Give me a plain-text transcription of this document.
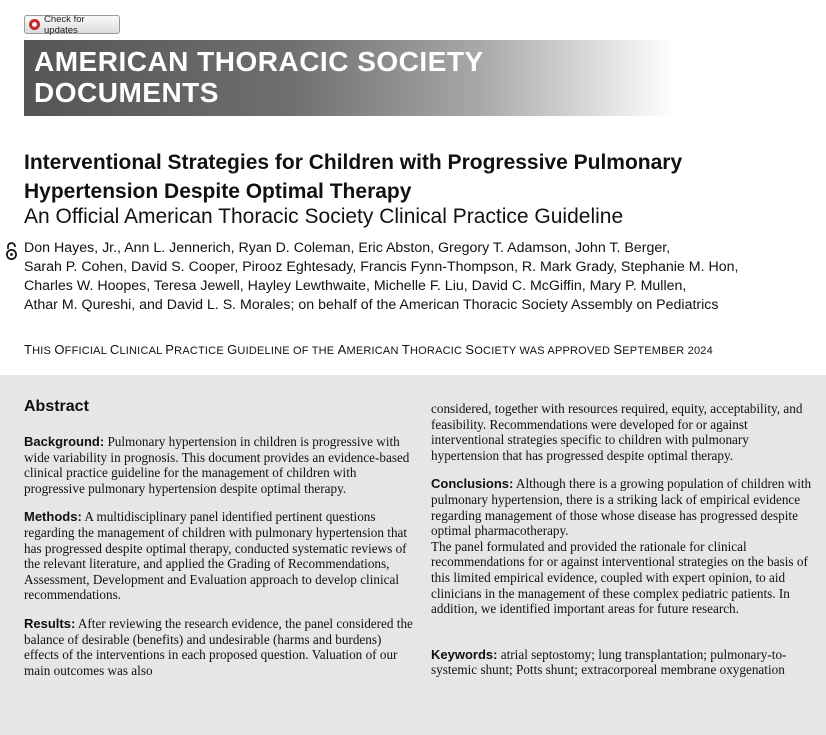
Check for updates
AMERICAN THORACIC SOCIETY
DOCUMENTS
Interventional Strategies for Children with Progressive Pulmonary
Hypertension Despite Optimal Therapy
An Official American Thoracic Society Clinical Practice Guideline
Don Hayes, Jr., Ann L. Jennerich, Ryan D. Coleman, Eric Abston, Gregory T. Adamson, John T. Berger,
Sarah P. Cohen, David S. Cooper, Pirooz Eghtesady, Francis Fynn-Thompson, R. Mark Grady, Stephanie M. Hon,
Charles W. Hoopes, Teresa Jewell, Hayley Lewthwaite, Michelle F. Liu, David C. McGiffin, Mary P. Mullen,
Athar M. Qureshi, and David L. S. Morales; on behalf of the American Thoracic Society Assembly on Pediatrics
THIS OFFICIAL CLINICAL PRACTICE GUIDELINE OF THE AMERICAN THORACIC SOCIETY WAS APPROVED SEPTEMBER 2024
Abstract

Background: Pulmonary hypertension in children is progressive with wide variability in prognosis. This document provides an evidence-based clinical practice guideline for the management of children with progressive pulmonary hypertension despite optimal therapy.

Methods: A multidisciplinary panel identified pertinent questions regarding the management of children with pulmonary hypertension that has progressed despite optimal therapy, conducted systematic reviews of the relevant literature, and applied the Grading of Recommendations, Assessment, Development and Evaluation approach to develop clinical recommendations.

Results: After reviewing the research evidence, the panel considered the balance of desirable (benefits) and undesirable (harms and burdens) effects of the interventions in each proposed question. Valuation of our main outcomes was also

considered, together with resources required, equity, acceptability, and feasibility. Recommendations were developed for or against interventional strategies specific to children with pulmonary hypertension that has progressed despite optimal therapy.

Conclusions: Although there is a growing population of children with pulmonary hypertension, there is a striking lack of empirical evidence regarding management of those whose disease has progressed despite optimal pharmacotherapy.

The panel formulated and provided the rationale for clinical recommendations for or against interventional strategies on the basis of this limited empirical evidence, coupled with expert opinion, to aid clinicians in the management of these complex pediatric patients. In addition, we identified important areas for future research.

Keywords: atrial septostomy; lung transplantation; pulmonary-to-systemic shunt; Potts shunt; extracorporeal membrane oxygenation
